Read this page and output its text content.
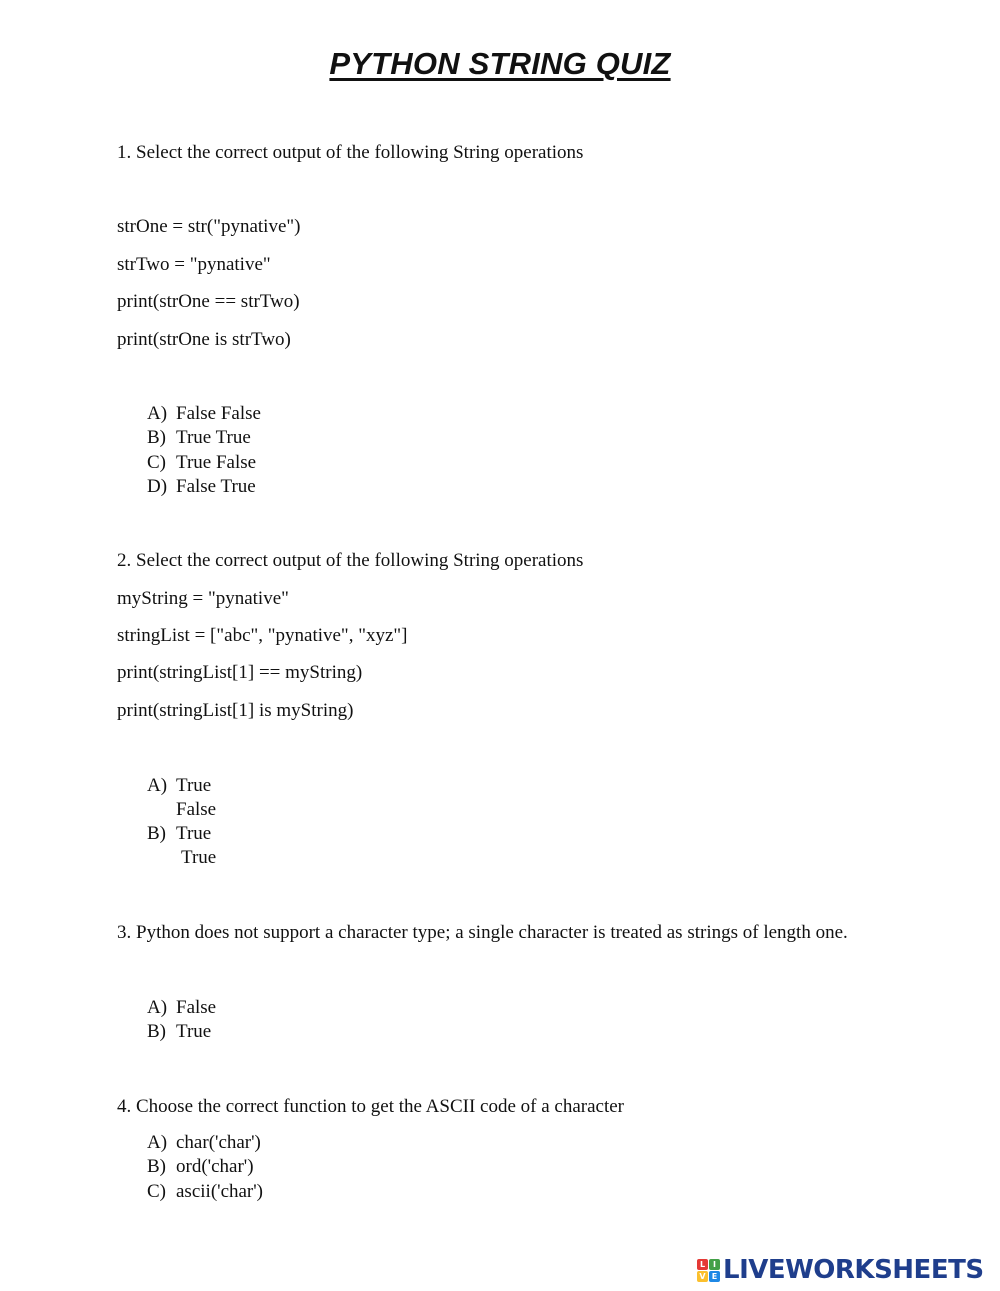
PYTHON STRING QUIZ
1. Select the correct output of the following String operations
strOne = str("pynative")
strTwo = "pynative"
print(strOne == strTwo)
print(strOne is strTwo)
A) False False
B) True True
C) True False
D) False True
2. Select the correct output of the following String operations
myString = "pynative"
stringList = ["abc", "pynative", "xyz"]
print(stringList[1] == myString)
print(stringList[1] is myString)
A) True
False
B) True
True
3. Python does not support a character type; a single character is treated as strings of length one.
A) False
B) True
4. Choose the correct function to get the ASCII code of a character
A) char('char')
B) ord('char')
C) ascii('char')
L I
V E LIVEWORKSHEETS
